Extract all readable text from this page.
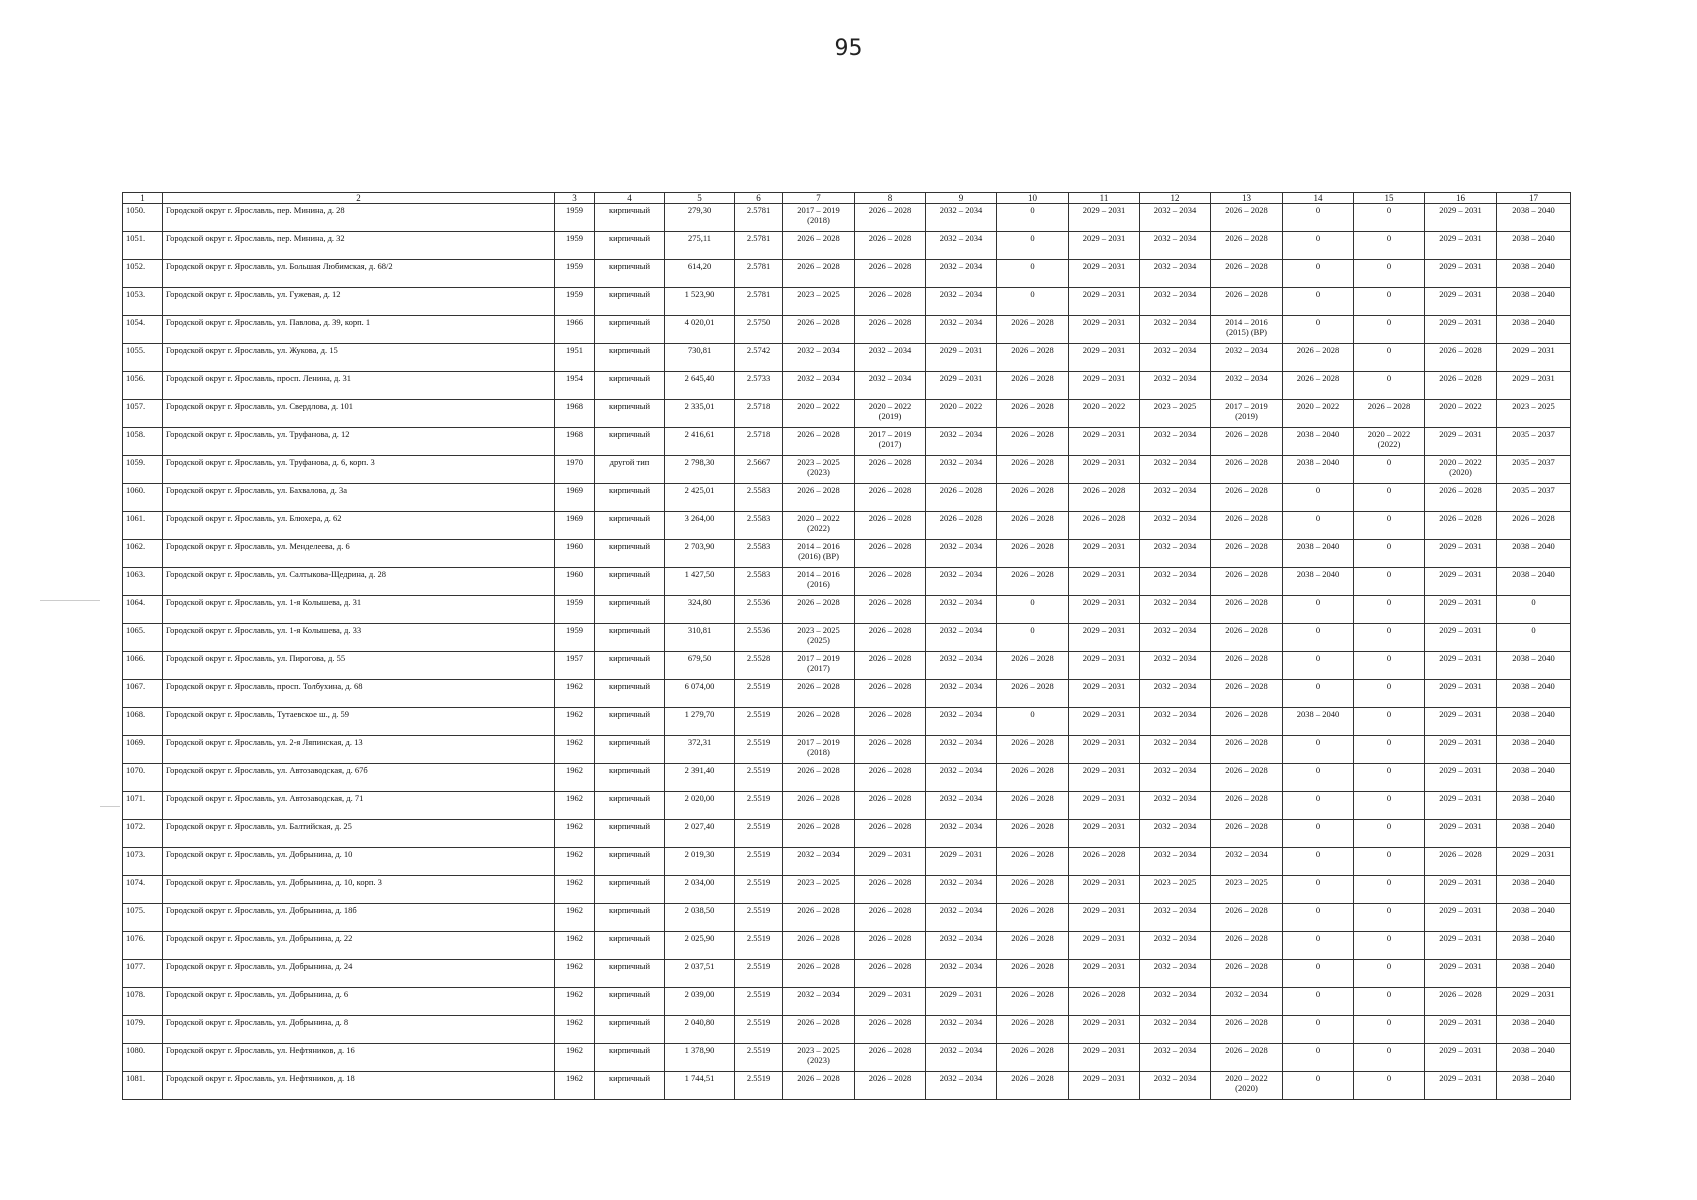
95
1	2	3	4	5	6	7	8	9	10	11	12	13	14	15	16	17
1050.	Городской округ г. Ярославль, пер. Минина, д. 28	1959	кирпичный	279,30	2.5781	2017 – 2019 (2018)	2026 – 2028	2032 – 2034	0	2029 – 2031	2032 – 2034	2026 – 2028	0	0	2029 – 2031	2038 – 2040
1051.	Городской округ г. Ярославль, пер. Минина, д. 32	1959	кирпичный	275,11	2.5781	2026 – 2028	2026 – 2028	2032 – 2034	0	2029 – 2031	2032 – 2034	2026 – 2028	0	0	2029 – 2031	2038 – 2040
1052.	Городской округ г. Ярославль, ул. Большая Любимская, д. 68/2	1959	кирпичный	614,20	2.5781	2026 – 2028	2026 – 2028	2032 – 2034	0	2029 – 2031	2032 – 2034	2026 – 2028	0	0	2029 – 2031	2038 – 2040
1053.	Городской округ г. Ярославль, ул. Гужевая, д. 12	1959	кирпичный	1 523,90	2.5781	2023 – 2025	2026 – 2028	2032 – 2034	0	2029 – 2031	2032 – 2034	2026 – 2028	0	0	2029 – 2031	2038 – 2040
1054.	Городской округ г. Ярославль, ул. Павлова, д. 39, корп. 1	1966	кирпичный	4 020,01	2.5750	2026 – 2028	2026 – 2028	2032 – 2034	2026 – 2028	2029 – 2031	2032 – 2034	2014 – 2016 (2015) (ВР)	0	0	2029 – 2031	2038 – 2040
1055.	Городской округ г. Ярославль, ул. Жукова, д. 15	1951	кирпичный	730,81	2.5742	2032 – 2034	2032 – 2034	2029 – 2031	2026 – 2028	2029 – 2031	2032 – 2034	2032 – 2034	2026 – 2028	0	2026 – 2028	2029 – 2031
1056.	Городской округ г. Ярославль, просп. Ленина, д. 31	1954	кирпичный	2 645,40	2.5733	2032 – 2034	2032 – 2034	2029 – 2031	2026 – 2028	2029 – 2031	2032 – 2034	2032 – 2034	2026 – 2028	0	2026 – 2028	2029 – 2031
1057.	Городской округ г. Ярославль, ул. Свердлова, д. 101	1968	кирпичный	2 335,01	2.5718	2020 – 2022	2020 – 2022 (2019)	2020 – 2022	2026 – 2028	2020 – 2022	2023 – 2025	2017 – 2019 (2019)	2020 – 2022	2026 – 2028	2020 – 2022	2023 – 2025
1058.	Городской округ г. Ярославль, ул. Труфанова, д. 12	1968	кирпичный	2 416,61	2.5718	2026 – 2028	2017 – 2019 (2017)	2032 – 2034	2026 – 2028	2029 – 2031	2032 – 2034	2026 – 2028	2038 – 2040	2020 – 2022 (2022)	2029 – 2031	2035 – 2037
1059.	Городской округ г. Ярославль, ул. Труфанова, д. 6, корп. 3	1970	другой тип	2 798,30	2.5667	2023 – 2025 (2023)	2026 – 2028	2032 – 2034	2026 – 2028	2029 – 2031	2032 – 2034	2026 – 2028	2038 – 2040	0	2020 – 2022 (2020)	2035 – 2037
1060.	Городской округ г. Ярославль, ул. Бахвалова, д. 3а	1969	кирпичный	2 425,01	2.5583	2026 – 2028	2026 – 2028	2026 – 2028	2026 – 2028	2026 – 2028	2032 – 2034	2026 – 2028	0	0	2026 – 2028	2035 – 2037
1061.	Городской округ г. Ярославль, ул. Блюхера, д. 62	1969	кирпичный	3 264,00	2.5583	2020 – 2022 (2022)	2026 – 2028	2026 – 2028	2026 – 2028	2026 – 2028	2032 – 2034	2026 – 2028	0	0	2026 – 2028	2026 – 2028
1062.	Городской округ г. Ярославль, ул. Менделеева, д. 6	1960	кирпичный	2 703,90	2.5583	2014 – 2016 (2016) (ВР)	2026 – 2028	2032 – 2034	2026 – 2028	2029 – 2031	2032 – 2034	2026 – 2028	2038 – 2040	0	2029 – 2031	2038 – 2040
1063.	Городской округ г. Ярославль, ул. Салтыкова-Щедрина, д. 28	1960	кирпичный	1 427,50	2.5583	2014 – 2016 (2016)	2026 – 2028	2032 – 2034	2026 – 2028	2029 – 2031	2032 – 2034	2026 – 2028	2038 – 2040	0	2029 – 2031	2038 – 2040
1064.	Городской округ г. Ярославль, ул. 1-я Колышева, д. 31	1959	кирпичный	324,80	2.5536	2026 – 2028	2026 – 2028	2032 – 2034	0	2029 – 2031	2032 – 2034	2026 – 2028	0	0	2029 – 2031	0
1065.	Городской округ г. Ярославль, ул. 1-я Колышева, д. 33	1959	кирпичный	310,81	2.5536	2023 – 2025 (2025)	2026 – 2028	2032 – 2034	0	2029 – 2031	2032 – 2034	2026 – 2028	0	0	2029 – 2031	0
1066.	Городской округ г. Ярославль, ул. Пирогова, д. 55	1957	кирпичный	679,50	2.5528	2017 – 2019 (2017)	2026 – 2028	2032 – 2034	2026 – 2028	2029 – 2031	2032 – 2034	2026 – 2028	0	0	2029 – 2031	2038 – 2040
1067.	Городской округ г. Ярославль, просп. Толбухина, д. 68	1962	кирпичный	6 074,00	2.5519	2026 – 2028	2026 – 2028	2032 – 2034	2026 – 2028	2029 – 2031	2032 – 2034	2026 – 2028	0	0	2029 – 2031	2038 – 2040
1068.	Городской округ г. Ярославль, Тутаевское ш., д. 59	1962	кирпичный	1 279,70	2.5519	2026 – 2028	2026 – 2028	2032 – 2034	0	2029 – 2031	2032 – 2034	2026 – 2028	2038 – 2040	0	2029 – 2031	2038 – 2040
1069.	Городской округ г. Ярославль, ул. 2-я Ляпинская, д. 13	1962	кирпичный	372,31	2.5519	2017 – 2019 (2018)	2026 – 2028	2032 – 2034	2026 – 2028	2029 – 2031	2032 – 2034	2026 – 2028	0	0	2029 – 2031	2038 – 2040
1070.	Городской округ г. Ярославль, ул. Автозаводская, д. 67б	1962	кирпичный	2 391,40	2.5519	2026 – 2028	2026 – 2028	2032 – 2034	2026 – 2028	2029 – 2031	2032 – 2034	2026 – 2028	0	0	2029 – 2031	2038 – 2040
1071.	Городской округ г. Ярославль, ул. Автозаводская, д. 71	1962	кирпичный	2 020,00	2.5519	2026 – 2028	2026 – 2028	2032 – 2034	2026 – 2028	2029 – 2031	2032 – 2034	2026 – 2028	0	0	2029 – 2031	2038 – 2040
1072.	Городской округ г. Ярославль, ул. Балтийская, д. 25	1962	кирпичный	2 027,40	2.5519	2026 – 2028	2026 – 2028	2032 – 2034	2026 – 2028	2029 – 2031	2032 – 2034	2026 – 2028	0	0	2029 – 2031	2038 – 2040
1073.	Городской округ г. Ярославль, ул. Добрынина, д. 10	1962	кирпичный	2 019,30	2.5519	2032 – 2034	2029 – 2031	2029 – 2031	2026 – 2028	2026 – 2028	2032 – 2034	2032 – 2034	0	0	2026 – 2028	2029 – 2031
1074.	Городской округ г. Ярославль, ул. Добрынина, д. 10, корп. 3	1962	кирпичный	2 034,00	2.5519	2023 – 2025	2026 – 2028	2032 – 2034	2026 – 2028	2029 – 2031	2023 – 2025	2023 – 2025	0	0	2029 – 2031	2038 – 2040
1075.	Городской округ г. Ярославль, ул. Добрынина, д. 18б	1962	кирпичный	2 038,50	2.5519	2026 – 2028	2026 – 2028	2032 – 2034	2026 – 2028	2029 – 2031	2032 – 2034	2026 – 2028	0	0	2029 – 2031	2038 – 2040
1076.	Городской округ г. Ярославль, ул. Добрынина, д. 22	1962	кирпичный	2 025,90	2.5519	2026 – 2028	2026 – 2028	2032 – 2034	2026 – 2028	2029 – 2031	2032 – 2034	2026 – 2028	0	0	2029 – 2031	2038 – 2040
1077.	Городской округ г. Ярославль, ул. Добрынина, д. 24	1962	кирпичный	2 037,51	2.5519	2026 – 2028	2026 – 2028	2032 – 2034	2026 – 2028	2029 – 2031	2032 – 2034	2026 – 2028	0	0	2029 – 2031	2038 – 2040
1078.	Городской округ г. Ярославль, ул. Добрынина, д. 6	1962	кирпичный	2 039,00	2.5519	2032 – 2034	2029 – 2031	2029 – 2031	2026 – 2028	2026 – 2028	2032 – 2034	2032 – 2034	0	0	2026 – 2028	2029 – 2031
1079.	Городской округ г. Ярославль, ул. Добрынина, д. 8	1962	кирпичный	2 040,80	2.5519	2026 – 2028	2026 – 2028	2032 – 2034	2026 – 2028	2029 – 2031	2032 – 2034	2026 – 2028	0	0	2029 – 2031	2038 – 2040
1080.	Городской округ г. Ярославль, ул. Нефтяников, д. 16	1962	кирпичный	1 378,90	2.5519	2023 – 2025 (2023)	2026 – 2028	2032 – 2034	2026 – 2028	2029 – 2031	2032 – 2034	2026 – 2028	0	0	2029 – 2031	2038 – 2040
1081.	Городской округ г. Ярославль, ул. Нефтяников, д. 18	1962	кирпичный	1 744,51	2.5519	2026 – 2028	2026 – 2028	2032 – 2034	2026 – 2028	2029 – 2031	2032 – 2034	2020 – 2022 (2020)	0	0	2029 – 2031	2038 – 2040
